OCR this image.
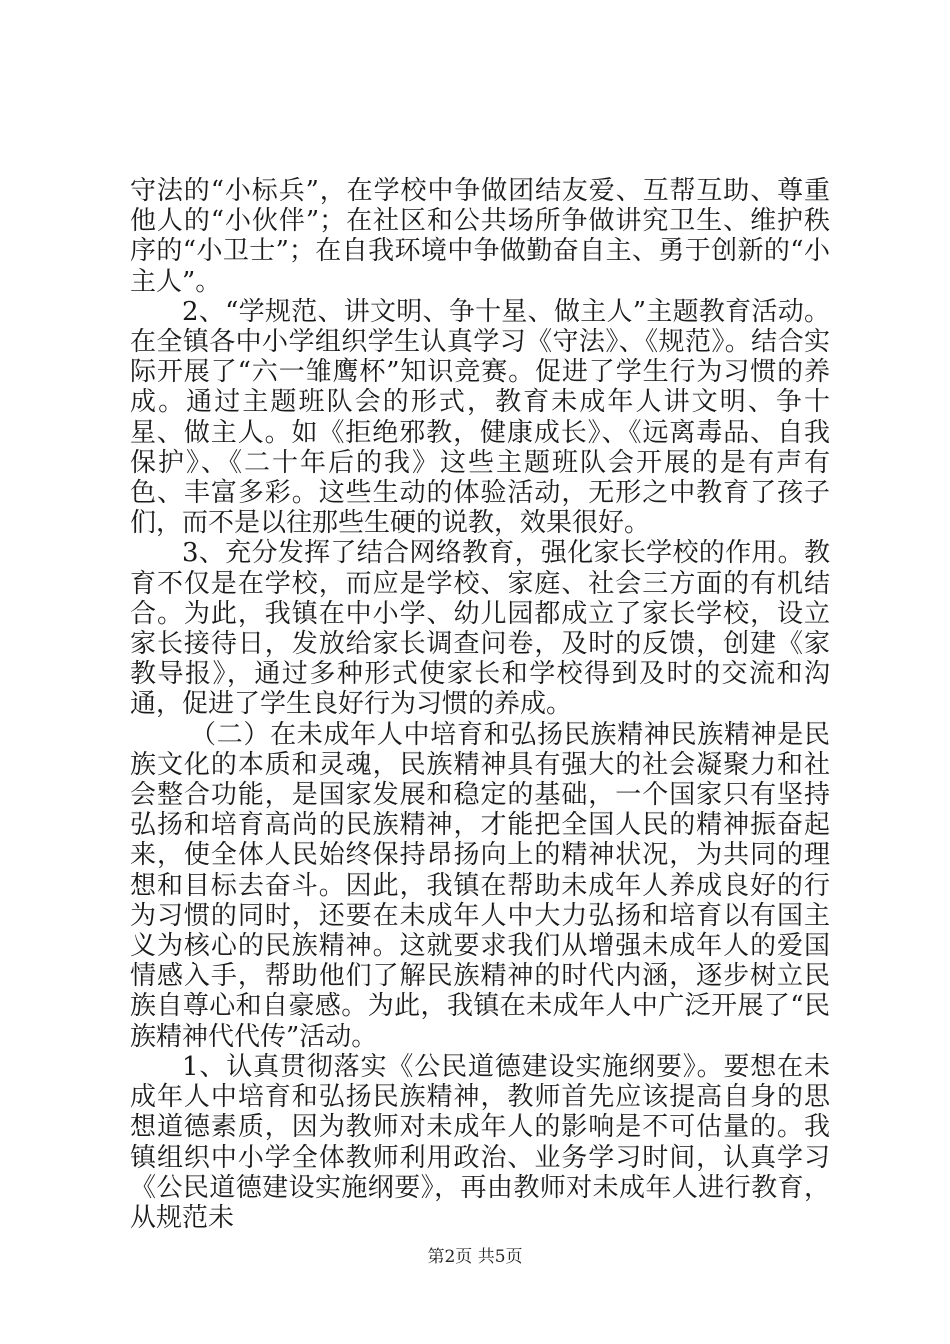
守法的“小标兵”，在学校中争做团结友爱、互帮互助、尊重他人的“小伙伴”；在社区和公共场所争做讲究卫生、维护秩序的“小卫士”；在自我环境中争做勤奋自主、勇于创新的“小主人”。

2、“学规范、讲文明、争十星、做主人”主题教育活动。在全镇各中小学组织学生认真学习《守法》、《规范》。结合实际开展了“六一雏鹰杯”知识竞赛。促进了学生行为习惯的养成。通过主题班队会的形式，教育未成年人讲文明、争十星、做主人。如《拒绝邪教，健康成长》、《远离毒品、自我保护》、《二十年后的我》这些主题班队会开展的是有声有色、丰富多彩。这些生动的体验活动，无形之中教育了孩子们，而不是以往那些生硬的说教，效果很好。

3、充分发挥了结合网络教育，强化家长学校的作用。教育不仅是在学校，而应是学校、家庭、社会三方面的有机结合。为此，我镇在中小学、幼儿园都成立了家长学校，设立家长接待日，发放给家长调查问卷，及时的反馈，创建《家教导报》，通过多种形式使家长和学校得到及时的交流和沟通，促进了学生良好行为习惯的养成。

（二）在未成年人中培育和弘扬民族精神民族精神是民族文化的本质和灵魂，民族精神具有强大的社会凝聚力和社会整合功能，是国家发展和稳定的基础，一个国家只有坚持弘扬和培育高尚的民族精神，才能把全国人民的精神振奋起来，使全体人民始终保持昂扬向上的精神状况，为共同的理想和目标去奋斗。因此，我镇在帮助未成年人养成良好的行为习惯的同时，还要在未成年人中大力弘扬和培育以有国主义为核心的民族精神。这就要求我们从增强未成年人的爱国情感入手，帮助他们了解民族精神的时代内涵，逐步树立民族自尊心和自豪感。为此，我镇在未成年人中广泛开展了“民族精神代代传”活动。

1、认真贯彻落实《公民道德建设实施纲要》。要想在未成年人中培育和弘扬民族精神，教师首先应该提高自身的思想道德素质，因为教师对未成年人的影响是不可估量的。我镇组织中小学全体教师利用政治、业务学习时间，认真学习《公民道德建设实施纲要》，再由教师对未成年人进行教育，从规范未

第2页 共5页
